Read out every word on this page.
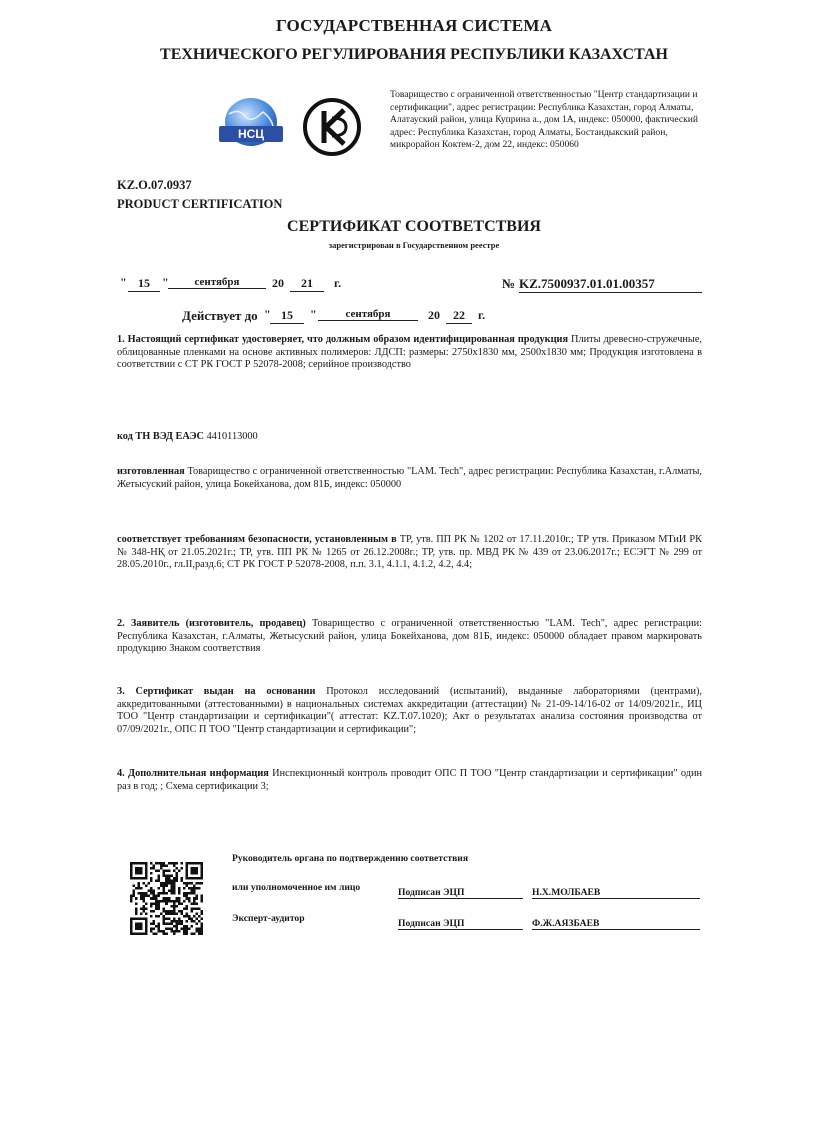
ГОСУДАРСТВЕННАЯ СИСТЕМА
ТЕХНИЧЕСКОГО РЕГУЛИРОВАНИЯ РЕСПУБЛИКИ КАЗАХСТАН
НСЦ
Товарищество с ограниченной ответственностью "Центр стандартизации и сертификации", адрес регистрации: Республика Казахстан, город Алматы, Алатауский район, улица Куприна а., дом 1А, индекс: 050000, фактический адрес: Республика Казахстан, город Алматы, Бостандыкский район, микрорайон Коктем-2, дом 22, индекс: 050060
KZ.O.07.0937
PRODUCT CERTIFICATION
СЕРТИФИКАТ СООТВЕТСТВИЯ
зарегистрирован в Государственном реестре
" 15	"	сентября	20	21	г.	№ KZ.7500937.01.01.00357
Действует до " 15	"	сентября	20	22	г.
1. Настоящий сертификат удостоверяет, что должным образом идентифицированная продукция Плиты древесно-стружечные, облицованные пленками на основе активных полимеров: ЛДСП: размеры: 2750х1830 мм, 2500х1830 мм; Продукция изготовлена в соответствии с СТ РК ГОСТ Р 52078-2008; серийное производство
код ТН ВЭД ЕАЭС 4410113000
изготовленная Товарищество с ограниченной ответственностью "LAM. Tech", адрес регистрации: Республика Казахстан, г.Алматы, Жетысуский район, улица Бокейханова, дом 81Б, индекс: 050000
соответствует требованиям безопасности, установленным в ТР, утв. ПП РК № 1202 от 17.11.2010г.; ТР утв. Приказом МТиИ РК № 348-НҚ от 21.05.2021г.; ТР, утв. ПП РК № 1265 от 26.12.2008г.; ТР, утв. пр. МВД РК № 439 от 23.06.2017г.; ЕСЭГТ № 299 от 28.05.2010г., гл.II,разд.6; СТ РК ГОСТ Р 52078-2008, п.п. 3.1, 4.1.1, 4.1.2, 4.2, 4.4;
2. Заявитель (изготовитель, продавец) Товарищество с ограниченной ответственностью "LAM. Tech", адрес регистрации: Республика Казахстан, г.Алматы, Жетысуский район, улица Бокейханова, дом 81Б, индекс: 050000 обладает правом маркировать продукцию Знаком соответствия
3. Сертификат выдан на основании Протокол исследований (испытаний), выданные лабораториями (центрами), аккредитованными (аттестованными) в национальных системах аккредитации (аттестации) № 21-09-14/16-02 от 14/09/2021г., ИЦ ТОО "Центр стандартизации и сертификации"( аттестат: KZ.T.07.1020); Акт о результатах анализа состояния производства от 07/09/2021г., ОПС П ТОО "Центр стандартизации и сертификации";
4. Дополнительная информация Инспекционный контроль проводит ОПС П ТОО "Центр стандартизации и сертификации" один раз в год; ; Схема сертификации 3;
Руководитель органа по подтверждению соответствия
или уполномоченное им лицо	Подписан ЭЦП	Н.Х.МОЛБАЕВ
Эксперт-аудитор	Подписан ЭЦП	Ф.Ж.АЯЗБАЕВ
